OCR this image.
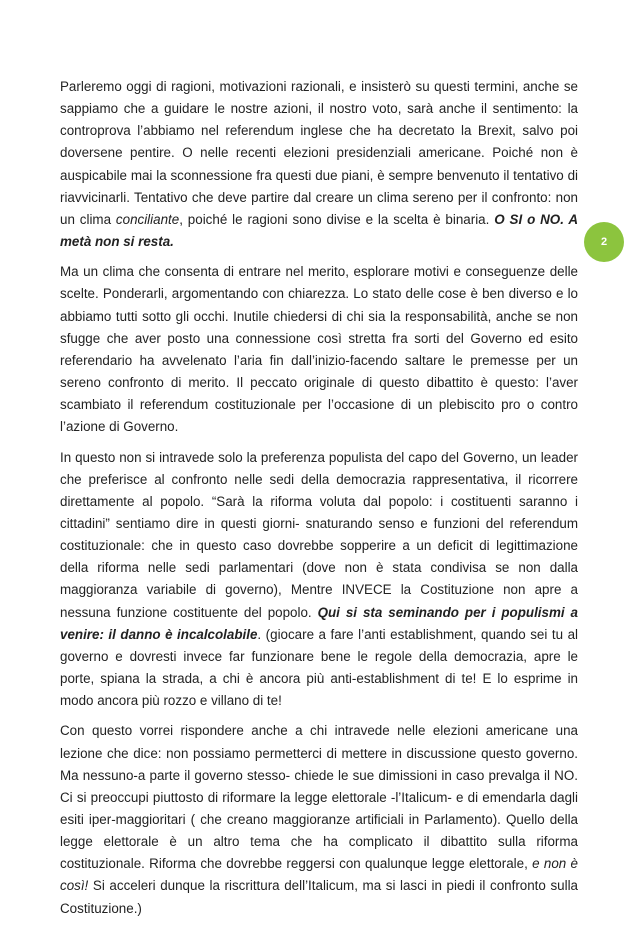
2

Parleremo oggi di ragioni, motivazioni razionali, e insisterò su questi termini, anche se sappiamo che a guidare le nostre azioni, il nostro voto, sarà anche il sentimento: la controprova l’abbiamo nel referendum inglese che ha decretato la Brexit, salvo poi doversene pentire. O nelle recenti elezioni presidenziali americane. Poiché non è auspicabile mai la sconnessione fra questi due piani, è sempre benvenuto il tentativo di riavvicinarli. Tentativo che deve partire dal creare un clima sereno per il confronto: non un clima conciliante, poiché le ragioni sono divise e la scelta è binaria. O SI o NO. A metà non si resta.

Ma un clima che consenta di entrare nel merito, esplorare motivi e conseguenze delle scelte. Ponderarli, argomentando con chiarezza. Lo stato delle cose è ben diverso e lo abbiamo tutti sotto gli occhi. Inutile chiedersi di chi sia la responsabilità, anche se non sfugge che aver posto una connessione così stretta fra sorti del Governo ed esito referendario ha avvelenato l’aria fin dall’inizio-facendo saltare le premesse per un sereno confronto di merito. Il peccato originale di questo dibattito è questo: l’aver scambiato il referendum costituzionale per l’occasione di un plebiscito pro o contro l’azione di Governo.

In questo non si intravede solo la preferenza populista del capo del Governo, un leader che preferisce al confronto nelle sedi della democrazia rappresentativa, il ricorrere direttamente al popolo. “Sarà la riforma voluta dal popolo: i costituenti saranno i cittadini” sentiamo dire in questi giorni- snaturando senso e funzioni del referendum costituzionale: che in questo caso dovrebbe sopperire a un deficit di legittimazione della riforma nelle sedi parlamentari (dove non è stata condivisa se non dalla maggioranza variabile di governo), Mentre INVECE la Costituzione non apre a nessuna funzione costituente del popolo. Qui si sta seminando per i populismi a venire: il danno è incalcolabile. (giocare a fare l’anti establishment, quando sei tu al governo e dovresti invece far funzionare bene le regole della democrazia, apre le porte, spiana la strada, a chi è ancora più anti-establishment di te! E lo esprime in modo ancora più rozzo e villano di te!

Con questo vorrei rispondere anche a chi intravede nelle elezioni americane una lezione che dice: non possiamo permetterci di mettere in discussione questo governo. Ma nessuno-a parte il governo stesso- chiede le sue dimissioni in caso prevalga il NO. Ci si preoccupi piuttosto di riformare la legge elettorale -l’Italicum- e di emendarla dagli esiti iper-maggioritari ( che creano maggioranze artificiali in Parlamento). Quello della legge elettorale è un altro tema che ha complicato il dibattito sulla riforma costituzionale. Riforma che dovrebbe reggersi con qualunque legge elettorale, e non è così! Si acceleri dunque la riscrittura dell’Italicum, ma si lasci in piedi il confronto sulla Costituzione.)
